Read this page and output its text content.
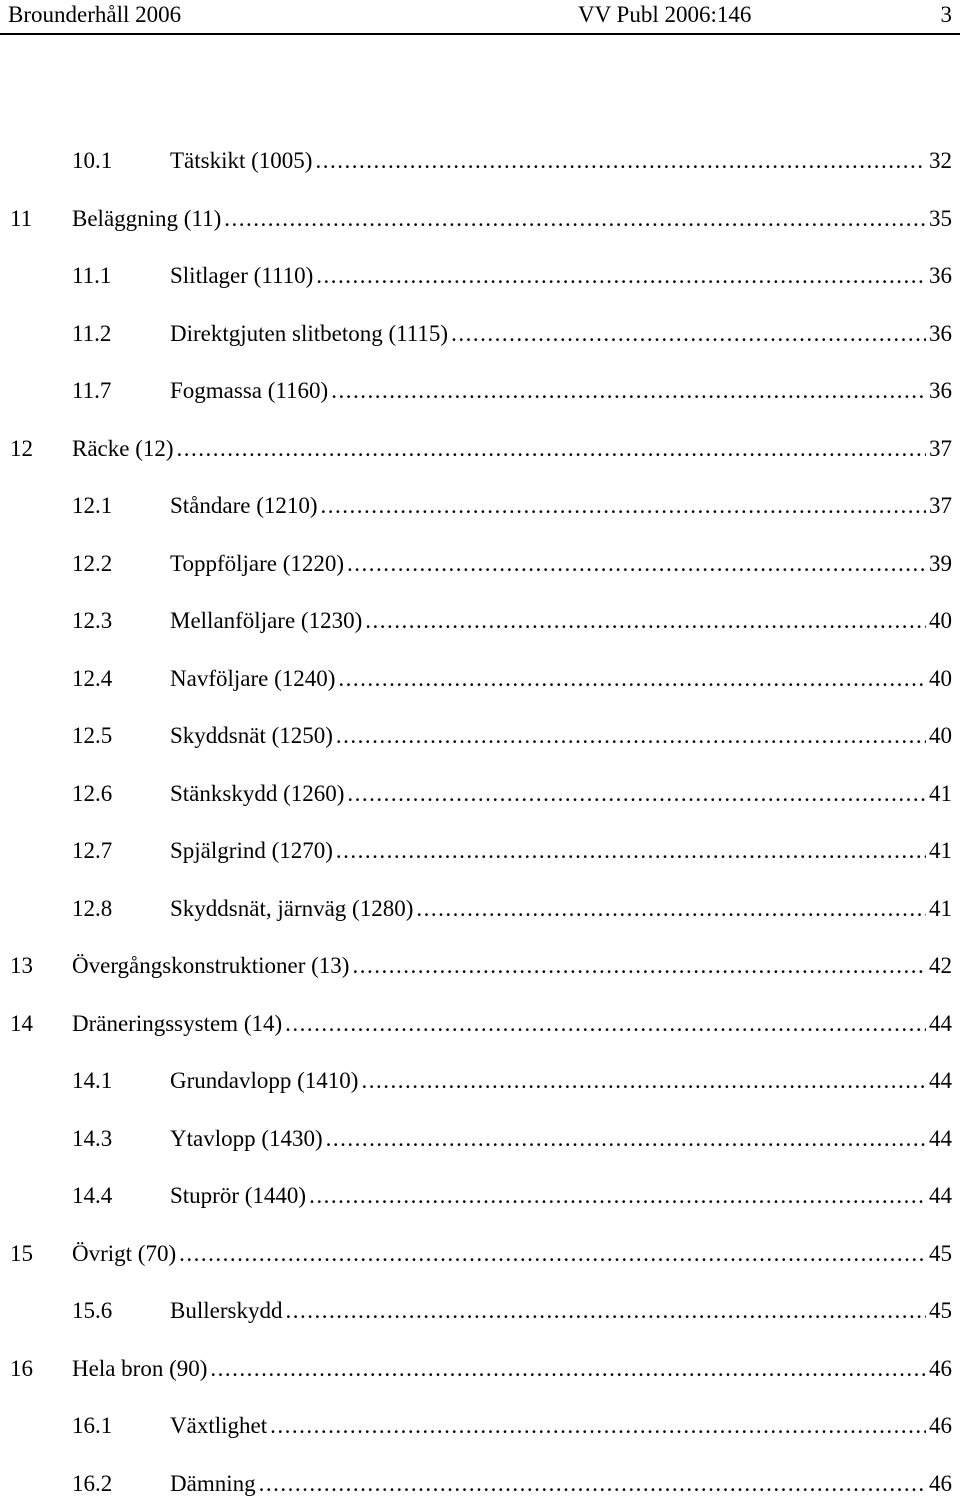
Brounderhåll 2006	VV Publ 2006:146	3
10.1	Tätskikt (1005) .....	32
11 Beläggning (11) .....	35
11.1	Slitlager (1110) .....	36
11.2	Direktgjuten slitbetong (1115) .....	36
11.7	Fogmassa (1160) .....	36
12 Räcke (12) .....	37
12.1	Ståndare (1210) .....	37
12.2	Toppföljare (1220) .....	39
12.3	Mellanföljare (1230) .....	40
12.4	Navföljare (1240) .....	40
12.5	Skyddsnät (1250) .....	40
12.6	Stänkskydd (1260) .....	41
12.7	Spjälgrind (1270) .....	41
12.8	Skyddsnät, järnväg (1280) .....	41
13 Övergångskonstruktioner (13) .....	42
14 Dräneringssystem (14) .....	44
14.1	Grundavlopp (1410) .....	44
14.3	Ytavlopp (1430) .....	44
14.4	Stuprör (1440) .....	44
15 Övrigt (70) .....	45
15.6	Bullerskydd .....	45
16 Hela bron (90) .....	46
16.1	Växtlighet .....	46
16.2	Dämning .....	46
